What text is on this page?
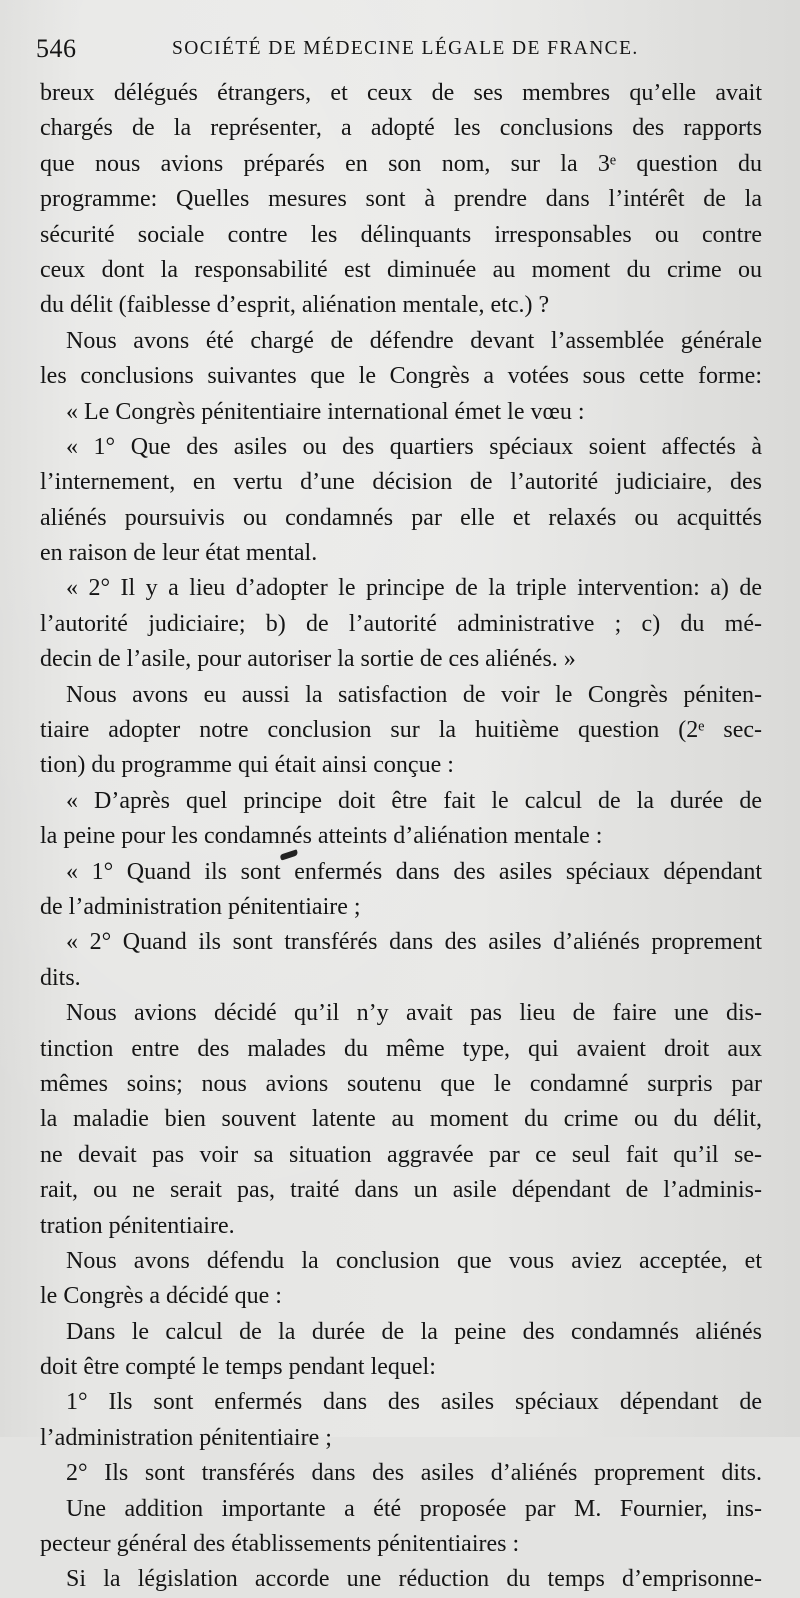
546	SOCIÉTÉ DE MÉDECINE LÉGALE DE FRANCE.
breux délégués étrangers, et ceux de ses membres qu’elle avait
chargés de la représenter, a adopté les conclusions des rapports
que nous avions préparés en son nom, sur la 3ᵉ question du
programme: Quelles mesures sont à prendre dans l’intérêt de la
sécurité sociale contre les délinquants irresponsables ou contre
ceux dont la responsabilité est diminuée au moment du crime ou
du délit (faiblesse d’esprit, aliénation mentale, etc.) ?
Nous avons été chargé de défendre devant l’assemblée générale
les conclusions suivantes que le Congrès a votées sous cette forme:
« Le Congrès pénitentiaire international émet le vœu :
« 1° Que des asiles ou des quartiers spéciaux soient affectés à
l’internement, en vertu d’une décision de l’autorité judiciaire, des
aliénés poursuivis ou condamnés par elle et relaxés ou acquittés
en raison de leur état mental.
« 2° Il y a lieu d’adopter le principe de la triple intervention: a) de
l’autorité judiciaire; b) de l’autorité administrative ; c) du mé-
decin de l’asile, pour autoriser la sortie de ces aliénés. »
Nous avons eu aussi la satisfaction de voir le Congrès péniten-
tiaire adopter notre conclusion sur la huitième question (2ᵉ sec-
tion) du programme qui était ainsi conçue :
« D’après quel principe doit être fait le calcul de la durée de
la peine pour les condamnés atteints d’aliénation mentale :
« 1° Quand ils sont enfermés dans des asiles spéciaux dépendant
de l’administration pénitentiaire ;
« 2° Quand ils sont transférés dans des asiles d’aliénés proprement
dits.
Nous avions décidé qu’il n’y avait pas lieu de faire une dis-
tinction entre des malades du même type, qui avaient droit aux
mêmes soins; nous avions soutenu que le condamné surpris par
la maladie bien souvent latente au moment du crime ou du délit,
ne devait pas voir sa situation aggravée par ce seul fait qu’il se-
rait, ou ne serait pas, traité dans un asile dépendant de l’adminis-
tration pénitentiaire.
Nous avons défendu la conclusion que vous aviez acceptée, et
le Congrès a décidé que :
Dans le calcul de la durée de la peine des condamnés aliénés
doit être compté le temps pendant lequel:
1° Ils sont enfermés dans des asiles spéciaux dépendant de
l’administration pénitentiaire ;
2° Ils sont transférés dans des asiles d’aliénés proprement dits.
Une addition importante a été proposée par M. Fournier, ins-
pecteur général des établissements pénitentiaires :
Si la législation accorde une réduction du temps d’emprisonne-
